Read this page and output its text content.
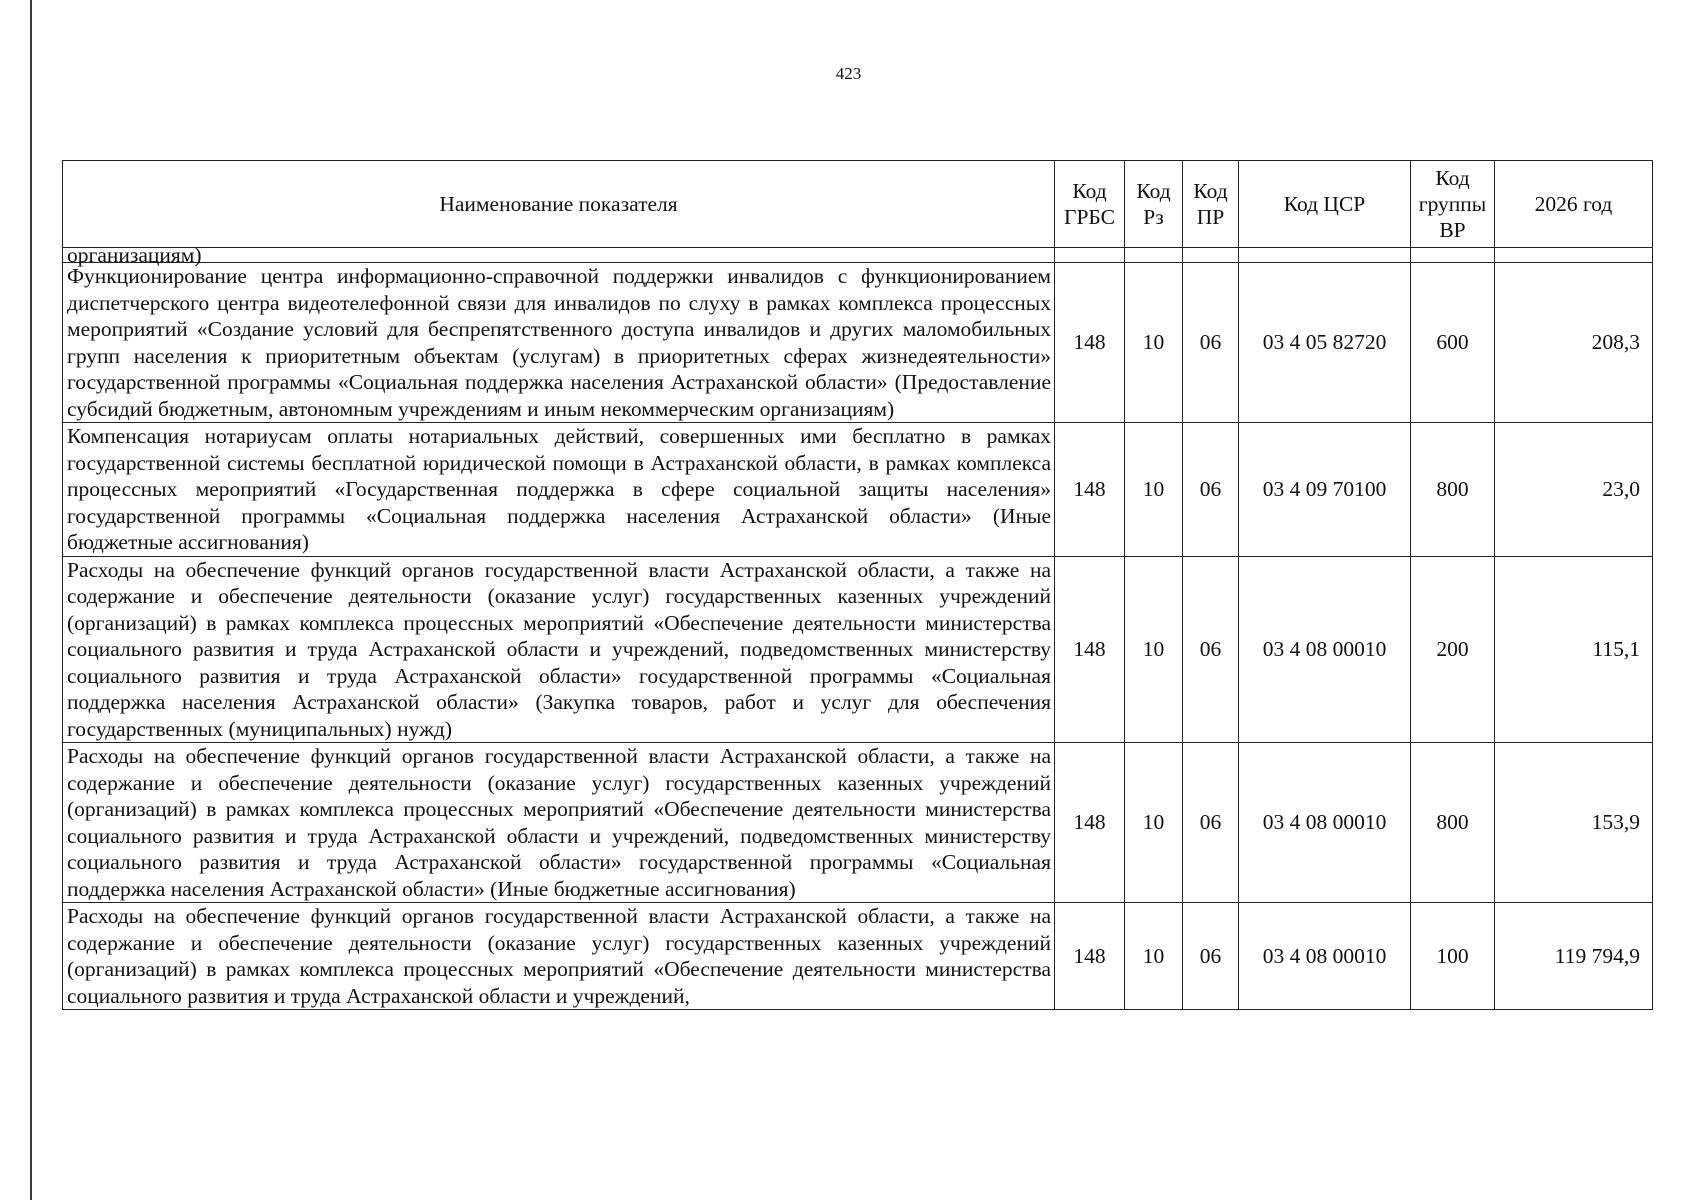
423
Наименование показателя	Код ГРБС	Код Рз	Код ПР	Код ЦСР	Код группы ВР	2026 год
организациям)						
Функционирование центра информационно-справочной поддержки инвалидов с функционированием диспетчерского центра видеотелефонной связи для инвалидов по слуху в рамках комплекса процессных мероприятий «Создание условий для беспрепятственного доступа инвалидов и других маломобильных групп населения к приоритетным объектам (услугам) в приоритетных сферах жизнедеятельности» государственной программы «Социальная поддержка населения Астраханской области» (Предоставление субсидий бюджетным, автономным учреждениям и иным некоммерческим организациям)	148	10	06	03 4 05 82720	600	208,3
Компенсация нотариусам оплаты нотариальных действий, совершенных ими бесплатно в рамках государственной системы бесплатной юридической помощи в Астраханской области, в рамках комплекса процессных мероприятий «Государственная поддержка в сфере социальной защиты населения» государственной программы «Социальная поддержка населения Астраханской области» (Иные бюджетные ассигнования)	148	10	06	03 4 09 70100	800	23,0
Расходы на обеспечение функций органов государственной власти Астраханской области, а также на содержание и обеспечение деятельности (оказание услуг) государственных казенных учреждений (организаций) в рамках комплекса процессных мероприятий «Обеспечение деятельности министерства социального развития и труда Астраханской области и учреждений, подведомственных министерству социального развития и труда Астраханской области» государственной программы «Социальная поддержка населения Астраханской области» (Закупка товаров, работ и услуг для обеспечения государственных (муниципальных) нужд)	148	10	06	03 4 08 00010	200	115,1
Расходы на обеспечение функций органов государственной власти Астраханской области, а также на содержание и обеспечение деятельности (оказание услуг) государственных казенных учреждений (организаций) в рамках комплекса процессных мероприятий «Обеспечение деятельности министерства социального развития и труда Астраханской области и учреждений, подведомственных министерству социального развития и труда Астраханской области» государственной программы «Социальная поддержка населения Астраханской области» (Иные бюджетные ассигнования)	148	10	06	03 4 08 00010	800	153,9
Расходы на обеспечение функций органов государственной власти Астраханской области, а также на содержание и обеспечение деятельности (оказание услуг) государственных казенных учреждений (организаций) в рамках комплекса процессных мероприятий «Обеспечение деятельности министерства социального развития и труда Астраханской области и учреждений,	148	10	06	03 4 08 00010	100	119 794,9
